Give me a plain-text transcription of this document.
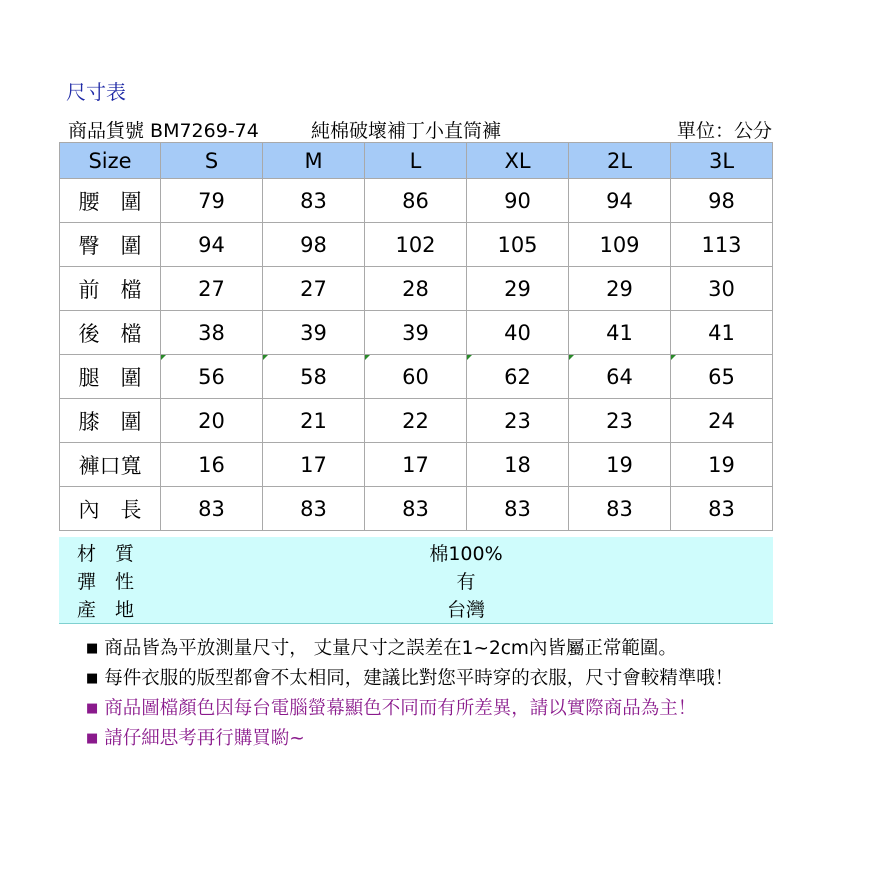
尺寸表
商品貨號 BM7269-74	純棉破壞補丁小直筒褲	單位：公分
Size	S	M	L	XL	2L	3L
腰　圍	79	83	86	90	94	98
臀　圍	94	98	102	105	109	113
前　檔	27	27	28	29	29	30
後　檔	38	39	39	40	41	41
腿　圍	56	58	60	62	64	65
膝　圍	20	21	22	23	23	24
褲口寬	16	17	17	18	19	19
內　長	83	83	83	83	83	83
材　質	棉100%
彈　性	有
產　地	台灣
■ 商品皆為平放測量尺寸， 丈量尺寸之誤差在1~2cm內皆屬正常範圍。
■ 每件衣服的版型都會不太相同，建議比對您平時穿的衣服，尺寸會較精準哦！
■ 商品圖檔顏色因每台電腦螢幕顯色不同而有所差異，請以實際商品為主！
■ 請仔細思考再行購買喲~
